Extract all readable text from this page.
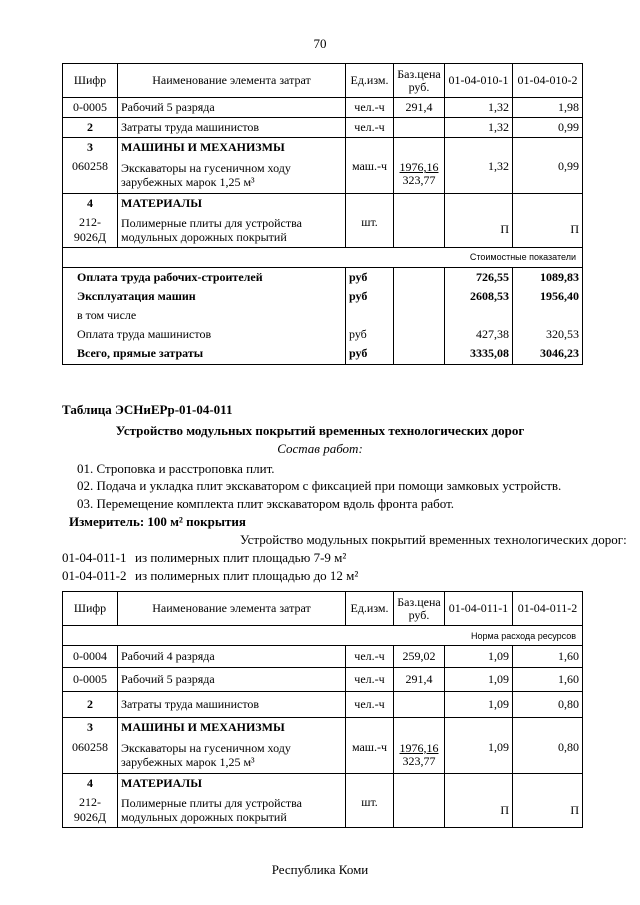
70
Шифр	Наименование элемента затрат	Ед.изм.	Баз.цена руб.	01-04-010-1	01-04-010-2
0-0005	Рабочий 5 разряда	чел.-ч	291,4	1,32	1,98
2	Затраты труда машинистов	чел.-ч		1,32	0,99
3	МАШИНЫ И МЕХАНИЗМЫ				
060258	Экскаваторы на гусеничном ходу зарубежных марок 1,25 м³	маш.-ч	$\frac{1976,16}{323,77}$	1,32	0,99
4	МАТЕРИАЛЫ				
212-9026Д	Полимерные плиты для устройства модульных дорожных покрытий	шт.		П	П
Стоимостные показатели					
Оплата труда рабочих-строителей		руб		726,55	1089,83
Эксплуатация машин		руб		2608,53	1956,40
в том числе					
Оплата труда машинистов		руб		427,38	320,53
Всего, прямые затраты		руб		3335,08	3046,23
Таблица ЭСНиЕРр-01-04-011
Устройство модульных покрытий временных технологических дорог
Состав работ:
01. Строповка и расстроповка плит.
02. Подача и укладка плит экскаватором с фиксацией при помощи замковых устройств.
03. Перемещение комплекта плит экскаватором вдоль фронта работ.
Измеритель: 100 м² покрытия
Устройство модульных покрытий временных технологических дорог:
01-04-011-1 из полимерных плит площадью 7-9 м²
01-04-011-2 из полимерных плит площадью до 12 м²
Шифр	Наименование элемента затрат	Ед.изм.	Баз.цена руб.	01-04-011-1	01-04-011-2
Норма расхода ресурсов					
0-0004	Рабочий 4 разряда	чел.-ч	259,02	1,09	1,60
0-0005	Рабочий 5 разряда	чел.-ч	291,4	1,09	1,60
2	Затраты труда машинистов	чел.-ч		1,09	0,80
3	МАШИНЫ И МЕХАНИЗМЫ				
060258	Экскаваторы на гусеничном ходу зарубежных марок 1,25 м³	маш.-ч	$\frac{1976,16}{323,77}$	1,09	0,80
4	МАТЕРИАЛЫ				
212-9026Д	Полимерные плиты для устройства модульных дорожных покрытий	шт.		П	П
Республика Коми
